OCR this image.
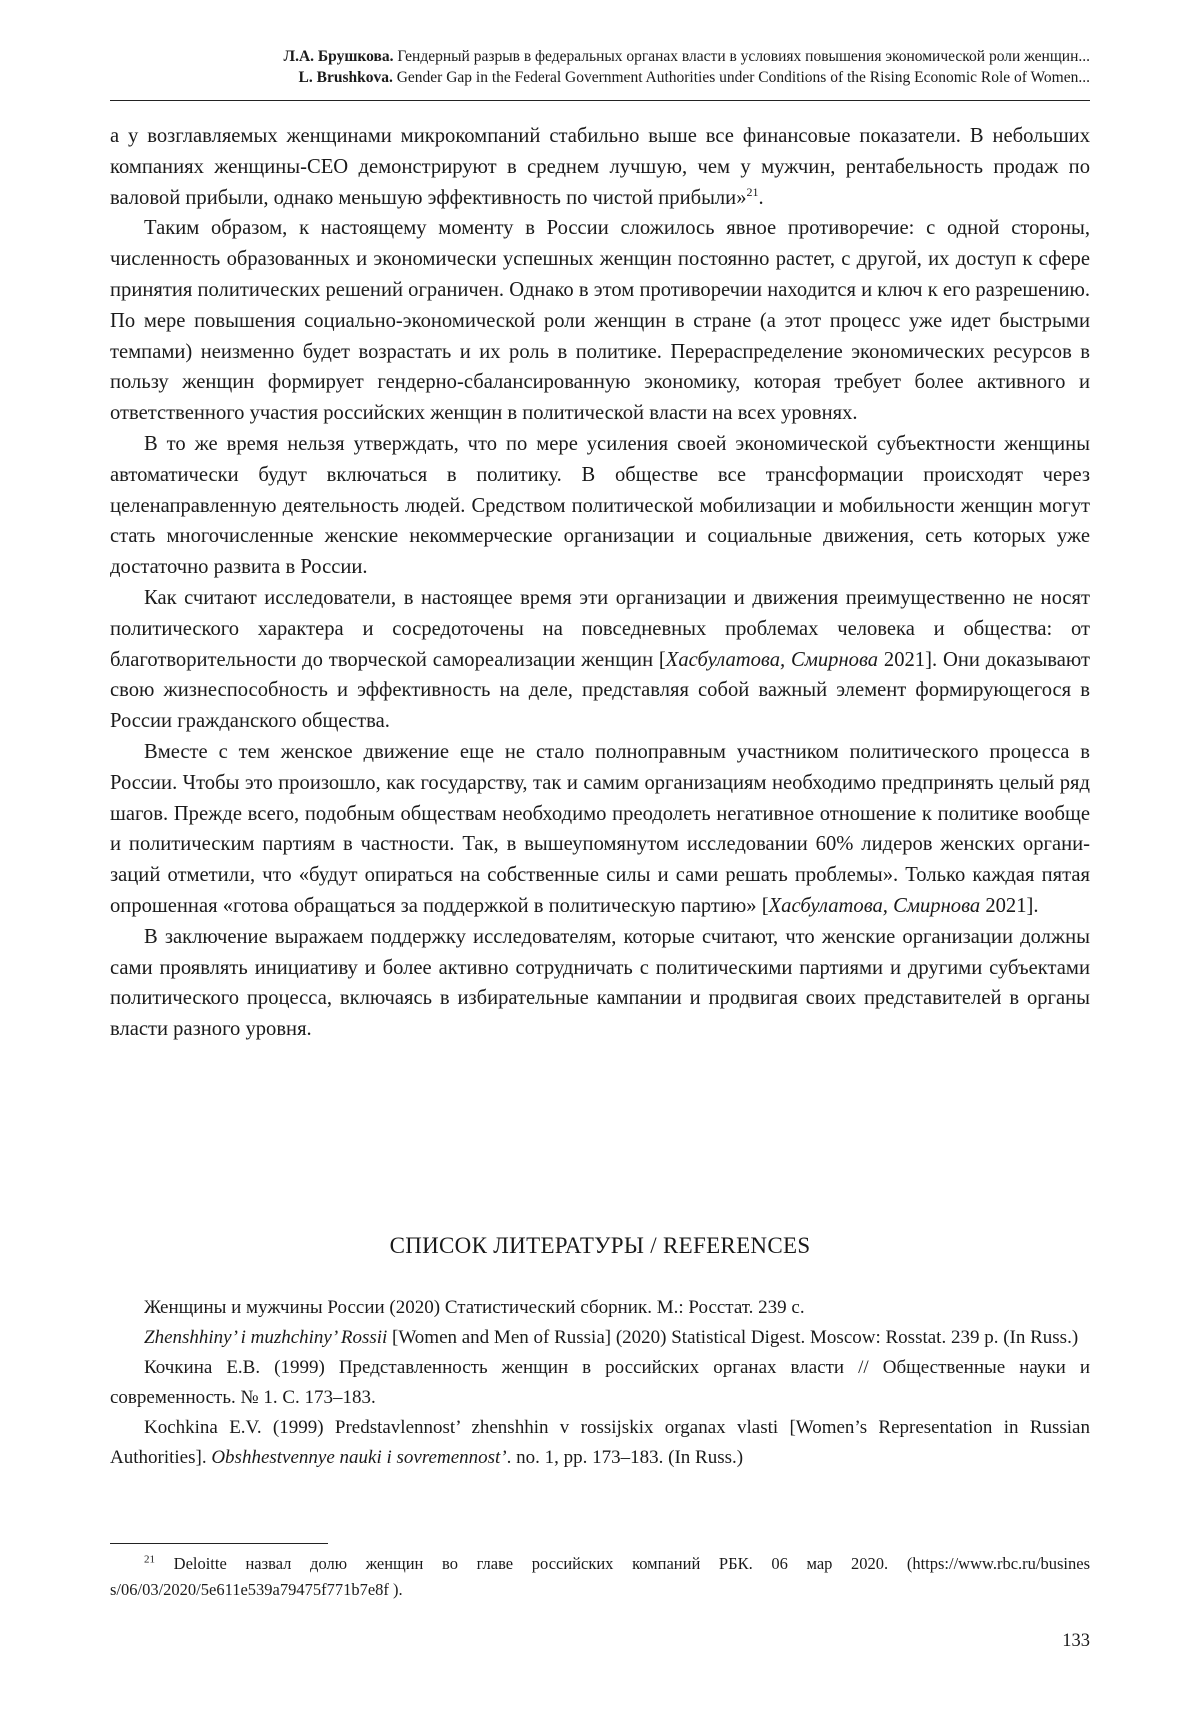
Л.А. Брушкова. Гендерный разрыв в федеральных органах власти в условиях повышения экономической роли женщин...
L. Brushkova. Gender Gap in the Federal Government Authorities under Conditions of the Rising Economic Role of Women...

а у возглавляемых женщинами микрокомпаний стабильно выше все финансовые показатели. В небольших компаниях женщины-CEO демонстрируют в среднем лучшую, чем у мужчин, рентабельность продаж по валовой прибыли, однако меньшую эффективность по чистой прибыли»$^{21}$.

Таким образом, к настоящему моменту в России сложилось явное противоречие: с одной стороны, численность образованных и экономически успешных женщин постоянно растет, с другой, их доступ к сфере принятия политических решений ограничен. Однако в этом противоречии находится и ключ к его разрешению. По мере повышения социально-экономической роли женщин в стране (а этот процесс уже идет быстрыми темпами) неизменно будет возрастать и их роль в политике. Перераспределение экономических ресурсов в пользу женщин формирует гендерно-сбалансированную экономику, которая требует более активного и ответственного участия российских женщин в политической власти на всех уровнях.

В то же время нельзя утверждать, что по мере усиления своей экономической субъектности женщины автоматически будут включаться в политику. В обществе все трансформации происходят через целенаправленную деятельность людей. Средством политической мобилизации и мобильности женщин могут стать многочисленные женские некоммерческие организации и социальные движения, сеть которых уже достаточно развита в России.

Как считают исследователи, в настоящее время эти организации и движения преимущественно не носят политического характера и сосредоточены на повседневных проблемах человека и общества: от благотворительности до творческой самореализации женщин [Хасбулатова, Смирнова 2021]. Они доказывают свою жизнеспособность и эффективность на деле, представляя собой важный элемент формирующегося в России гражданского общества.

Вместе с тем женское движение еще не стало полноправным участником политического процесса в России. Чтобы это произошло, как государству, так и самим организациям необходимо предпринять целый ряд шагов. Прежде всего, подобным обществам необходимо преодолеть негативное отношение к политике вообще и политическим партиям в частности. Так, в вышеупомянутом исследовании 60% лидеров женских организаций отметили, что «будут опираться на собственные силы и сами решать проблемы». Только каждая пятая опрошенная «готова обращаться за поддержкой в политическую партию» [Хасбулатова, Смирнова 2021].

В заключение выражаем поддержку исследователям, которые считают, что женские организации должны сами проявлять инициативу и более активно сотрудничать с политическими партиями и другими субъектами политического процесса, включаясь в избирательные кампании и продвигая своих представителей в органы власти разного уровня.

СПИСОК ЛИТЕРАТУРЫ / REFERENCES

Женщины и мужчины России (2020) Статистический сборник. М.: Росстат. 239 с.

Zhenshhiny’ i muzhchiny’ Rossii [Women and Men of Russia] (2020) Statistical Digest. Moscow: Rosstat. 239 p. (In Russ.)

Кочкина Е.В. (1999) Представленность женщин в российских органах власти // Общественные науки и современность. № 1. С. 173–183.

Kochkina E.V. (1999) Predstavlennost’ zhenshhin v rossijskix organax vlasti [Women’s Representation in Russian Authorities]. Obshhestvennye nauki i sovremennost’. no. 1, pp. 173–183. (In Russ.)

$^{21}$ Deloitte назвал долю женщин во главе российских компаний РБК. 06 мар 2020. (https://www.rbc.ru/busines s/06/03/2020/5e611e539a79475f771b7e8f ).

133
